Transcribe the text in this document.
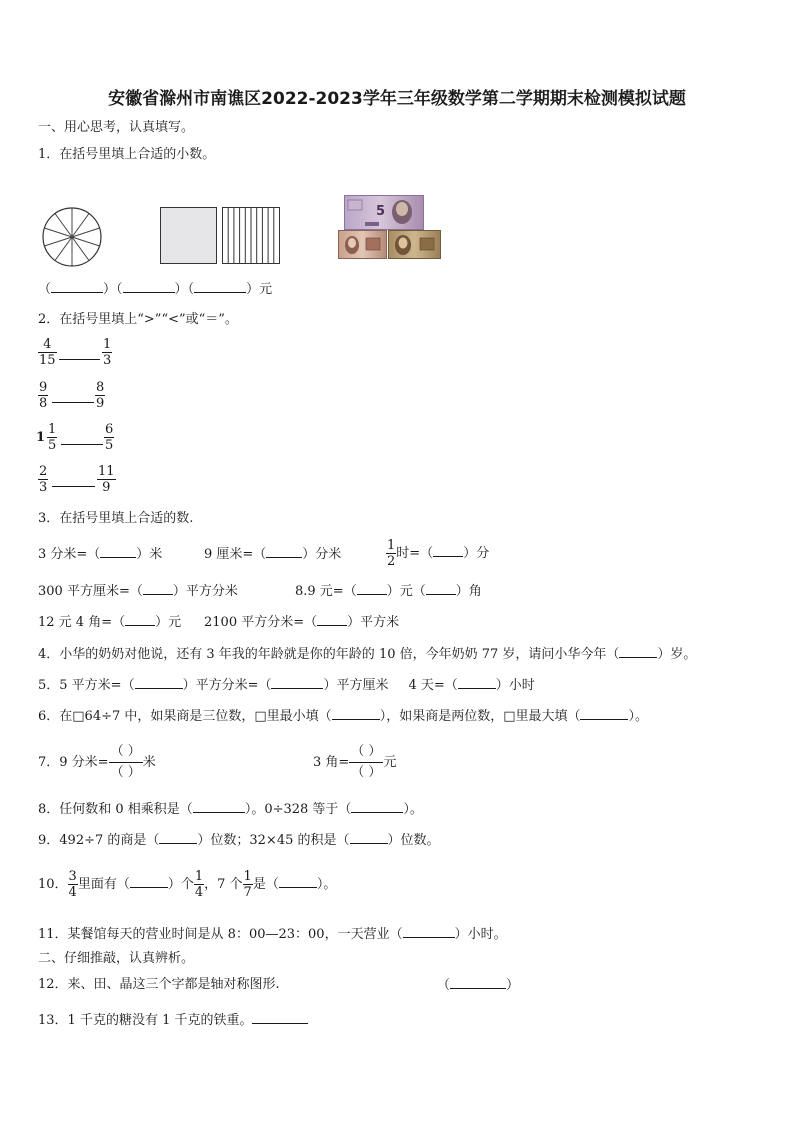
安徽省滁州市南谯区2022-2023学年三年级数学第二学期期末检测模拟试题
一、用心思考，认真填写。
1．在括号里填上合适的小数。
5
（	）（	）（	）元
2．在括号里填上“>”“<”或“＝”。
$\frac{4}{15}$	$\frac{1}{3}$
$\frac{9}{8}$	$\frac{8}{9}$
$1 \frac{1}{5}$	$\frac{6}{5}$
$\frac{2}{3}$	$\frac{11}{9}$
3．在括号里填上合适的数.
3 分米=（	）米	9 厘米=（	）分米	$\frac{1}{2}$ 时=（ ）分
300 平方厘米=（ ）平方分米	8.9 元=（ ）元（ ）角
12 元 4 角=（ ）元 2100 平方分米=（ ）平方米
4．小华的奶奶对他说，还有 3 年我的年龄就是你的年龄的 10 倍，今年奶奶 77 岁，请问小华今年（	）岁。
5．5 平方米=（	）平方分米=（	）平方厘米 4 天=（	）小时
6．在□64÷7 中，如果商是三位数，□里最小填（	），如果商是两位数，□里最大填（	）。
7．9 分米= $\frac{( )}{( )}$ 米	3 角= $\frac{( )}{( )}$ 元
8．任何数和 0 相乘积是（	）。0÷328 等于（	）。
9．492÷7 的商是（	）位数；32×45 的积是（	）位数。
10． $\frac{3}{4}$ 里面有（	）个 $\frac{1}{4}$ ，7 个 $\frac{1}{7}$ 是（	）。
11．某餐馆每天的营业时间是从 8：00—23：00，一天营业（	）小时。
二、仔细推敲，认真辨析。
12．来、田、晶这三个字都是轴对称图形.	（	）
13．1 千克的糖没有 1 千克的铁重。
